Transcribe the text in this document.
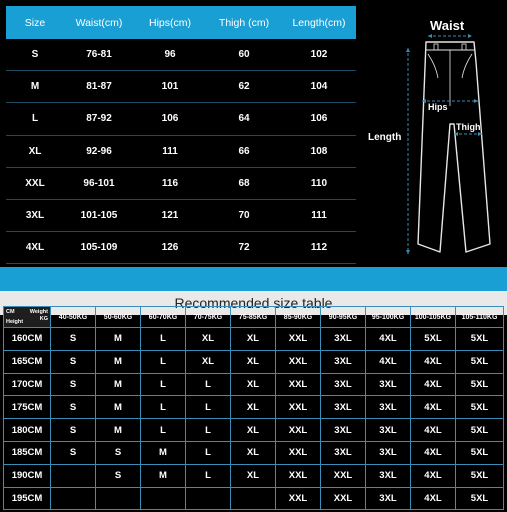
Size	Waist(cm)	Hips(cm)	Thigh (cm)	Length(cm)
S	76-81	96	60	102
M	81-87	101	62	104
L	87-92	106	64	106
XL	92-96	111	66	108
XXL	96-101	116	68	110
3XL	101-105	121	70	111
4XL	105-109	126	72	112
Waist
Hips
Thigh
Length
Recommended size table
CM Weight
KG
Height	40-50KG	50-60KG	60-70KG	70-75KG	75-85KG	85-90KG	90-95KG	95-100KG	100-105KG	105-110KG
160CM	S	M	L	XL	XL	XXL	3XL	4XL	5XL	5XL
165CM	S	M	L	XL	XL	XXL	3XL	4XL	4XL	5XL
170CM	S	M	L	L	XL	XXL	3XL	3XL	4XL	5XL
175CM	S	M	L	L	XL	XXL	3XL	3XL	4XL	5XL
180CM	S	M	L	L	XL	XXL	3XL	3XL	4XL	5XL
185CM	S	S	M	L	XL	XXL	3XL	3XL	4XL	5XL
190CM		S	M	L	XL	XXL	XXL	3XL	4XL	5XL
195CM						XXL	XXL	3XL	4XL	5XL
